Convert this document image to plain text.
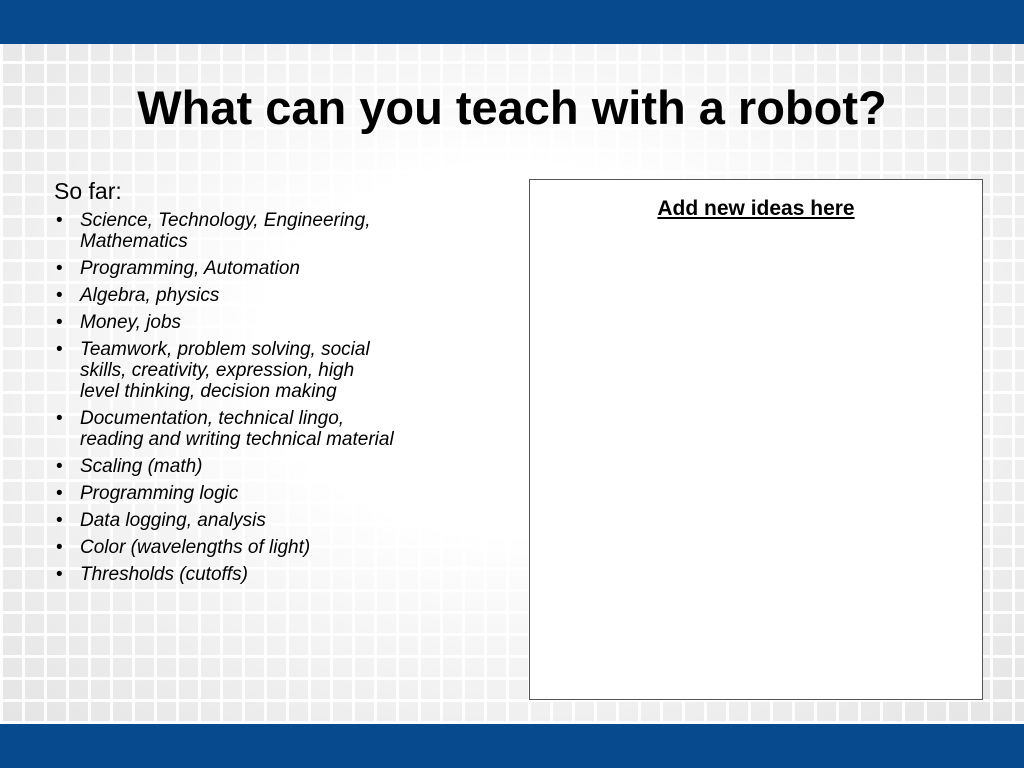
What can you teach with a robot?

So far:

• Science, Technology, Engineering,
Mathematics
• Programming, Automation
• Algebra, physics
• Money, jobs
• Teamwork, problem solving, social
skills, creativity, expression, high
level thinking, decision making
• Documentation, technical lingo,
reading and writing technical material
• Scaling (math)
• Programming logic
• Data logging, analysis
• Color (wavelengths of light)
• Thresholds (cutoffs)
Add new ideas here
